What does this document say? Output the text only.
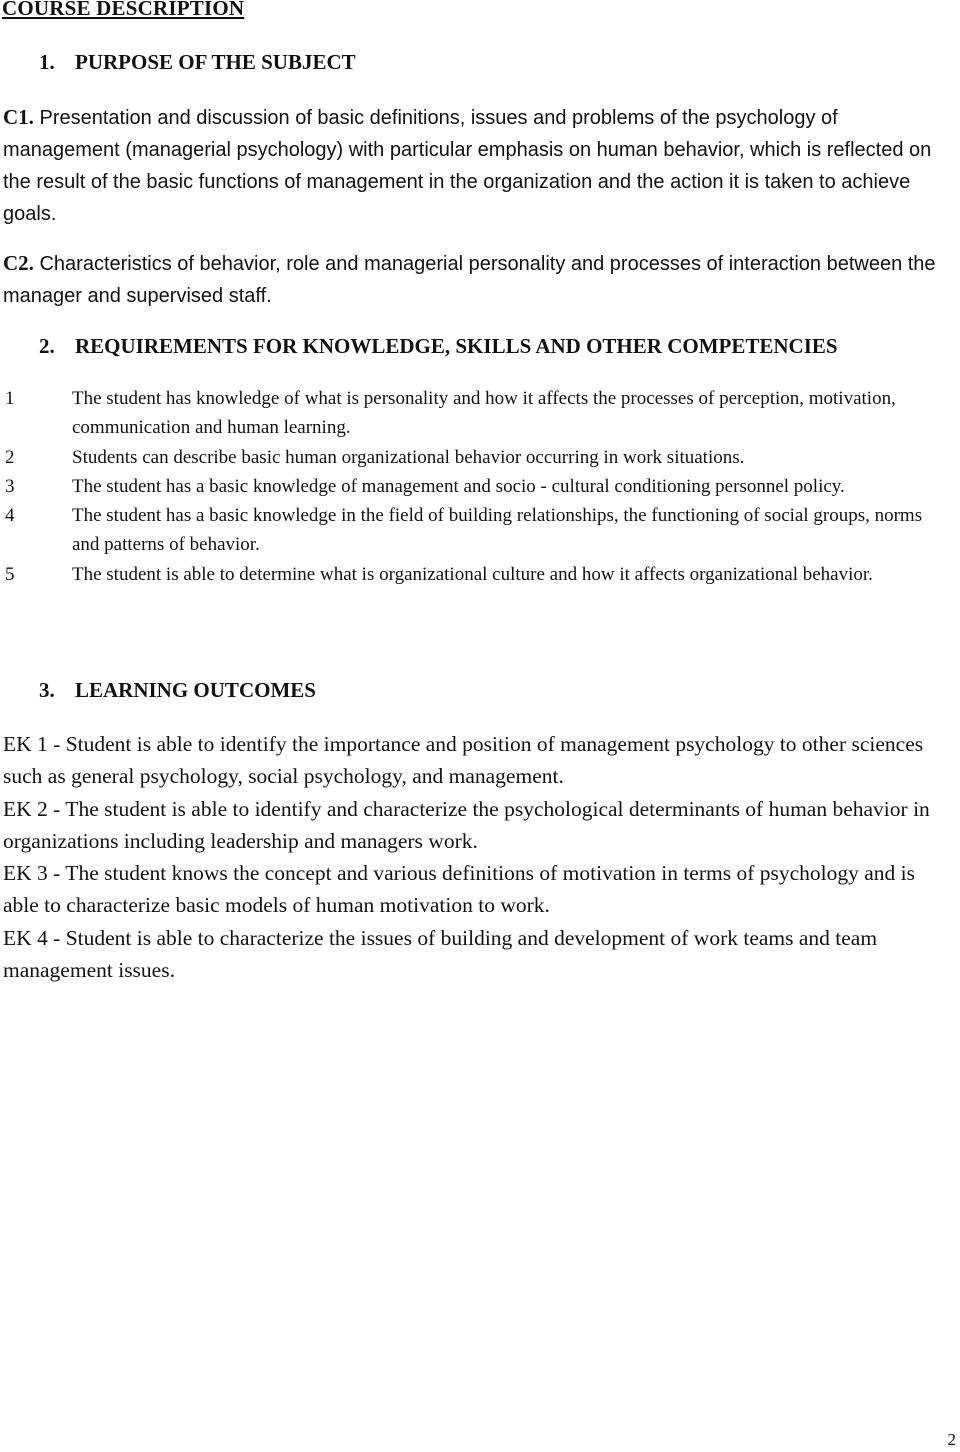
COURSE DESCRIPTION
1. PURPOSE OF THE SUBJECT

C1. Presentation and discussion of basic definitions, issues and problems of the psychology of management (managerial psychology) with particular emphasis on human behavior, which is reflected on the result of the basic functions of management in the organization and the action it is taken to achieve goals.

C2. Characteristics of behavior, role and managerial personality and processes of interaction between the manager and supervised staff.

2. REQUIREMENTS FOR KNOWLEDGE, SKILLS AND OTHER COMPETENCIES
1	The student has knowledge of what is personality and how it affects the processes of perception, motivation, communication and human learning.
2	Students can describe basic human organizational behavior occurring in work situations.
3	The student has a basic knowledge of management and socio - cultural conditioning personnel policy.
4	The student has a basic knowledge in the field of building relationships, the functioning of social groups, norms and patterns of behavior.
5	The student is able to determine what is organizational culture and how it affects organizational behavior.
3. LEARNING OUTCOMES
EK 1 - Student is able to identify the importance and position of management psychology to other sciences such as general psychology, social psychology, and management.
EK 2 - The student is able to identify and characterize the psychological determinants of human behavior in organizations including leadership and managers work.
EK 3 - The student knows the concept and various definitions of motivation in terms of psychology and is able to characterize basic models of human motivation to work.
EK 4 - Student is able to characterize the issues of building and development of work teams and team management issues.
2
